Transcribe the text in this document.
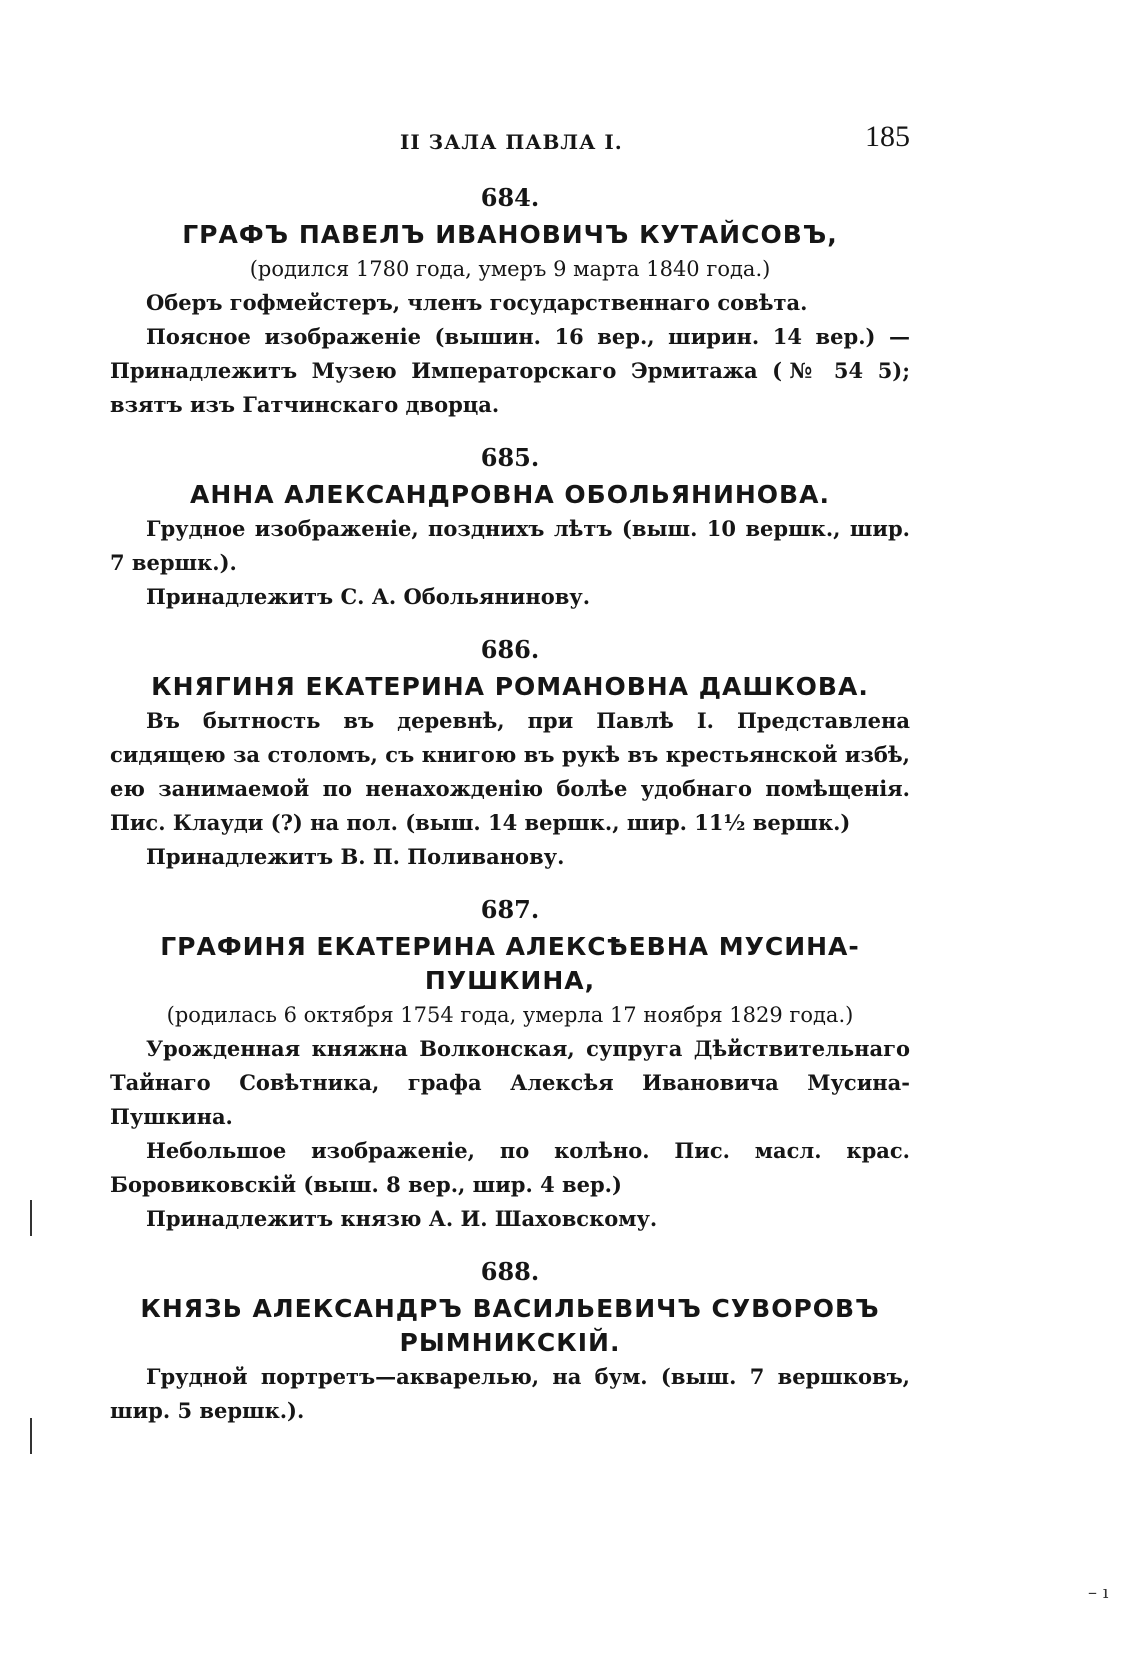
II ЗАЛА ПАВЛА I.	185
684.
ГРАФЪ ПАВЕЛЪ ИВАНОВИЧЪ КУТАЙСОВЪ,
(родился 1780 года, умеръ 9 марта 1840 года.)

Оберъ гофмейстеръ, членъ государственнаго совѣта.

Поясное изображеніе (вышин. 16 вер., ширин. 14 вер.) — Принадлежитъ Музею Императорскаго Эрмитажа (№ 54 5); взятъ изъ Гатчинскаго дворца.

685.
АННА АЛЕКСАНДРОВНА ОБОЛЬЯНИНОВА.

Грудное изображеніе, позднихъ лѣтъ (выш. 10 вершк., шир. 7 вершк.).

Принадлежитъ С. А. Обольянинову.

686.
КНЯГИНЯ ЕКАТЕРИНА РОМАНОВНА ДАШКОВА.

Въ бытность въ деревнѣ, при Павлѣ I. Представлена сидящею за столомъ, съ книгою въ рукѣ въ крестьянской избѣ, ею занимаемой по ненахожденію болѣе удобнаго помѣщенія. Пис. Клауди (?) на пол. (выш. 14 вершк., шир. 11½ вершк.)

Принадлежитъ В. П. Поливанову.

687.
ГРАФИНЯ ЕКАТЕРИНА АЛЕКСѢЕВНА МУСИНА-ПУШКИНА,
(родилась 6 октября 1754 года, умерла 17 ноября 1829 года.)

Урожденная княжна Волконская, супруга Дѣйствительнаго Тайнаго Совѣтника, графа Алексѣя Ивановича Мусина-Пушкина.

Небольшое изображеніе, по колѣно. Пис. масл. крас. Боровиковскій (выш. 8 вер., шир. 4 вер.)

Принадлежитъ князю А. И. Шаховскому.

688.
КНЯЗЬ АЛЕКСАНДРЪ ВАСИЛЬЕВИЧЪ СУВОРОВЪ РЫМНИКСКІЙ.

Грудной портретъ—акварелью, на бум. (выш. 7 вершковъ, шир. 5 вершк.).

– ı
